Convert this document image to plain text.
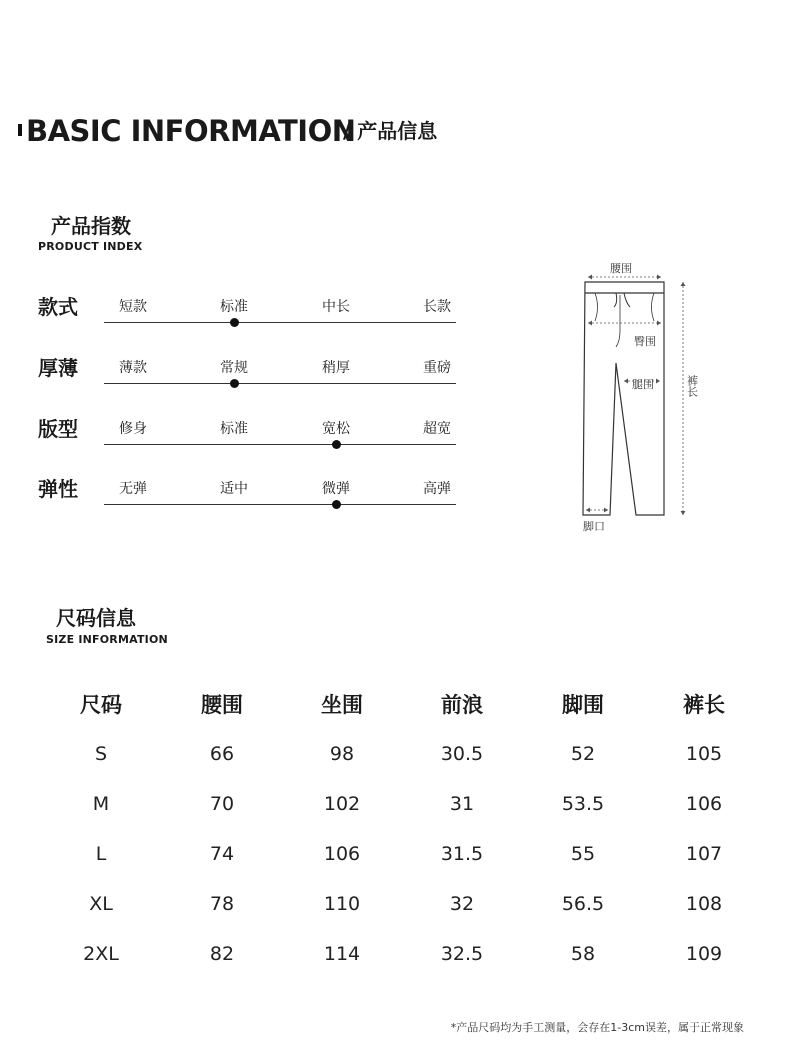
BASIC INFORMATION
/ 产品信息
产品指数
PRODUCT INDEX
款式	短款	标准	中长	长款
厚薄	薄款	常规	稍厚	重磅
版型	修身	标准	宽松	超宽
弹性	无弹	适中	微弹	高弹
腰围
臀围
腿围
脚口
裤长
尺码信息
SIZE INFORMATION
尺码	腰围	坐围	前浪	脚围	裤长
S	66	98	30.5	52	105
M	70	102	31	53.5	106
L	74	106	31.5	55	107
XL	78	110	32	56.5	108
2XL	82	114	32.5	58	109
*产品尺码均为手工测量，会存在1-3cm误差，属于正常现象
